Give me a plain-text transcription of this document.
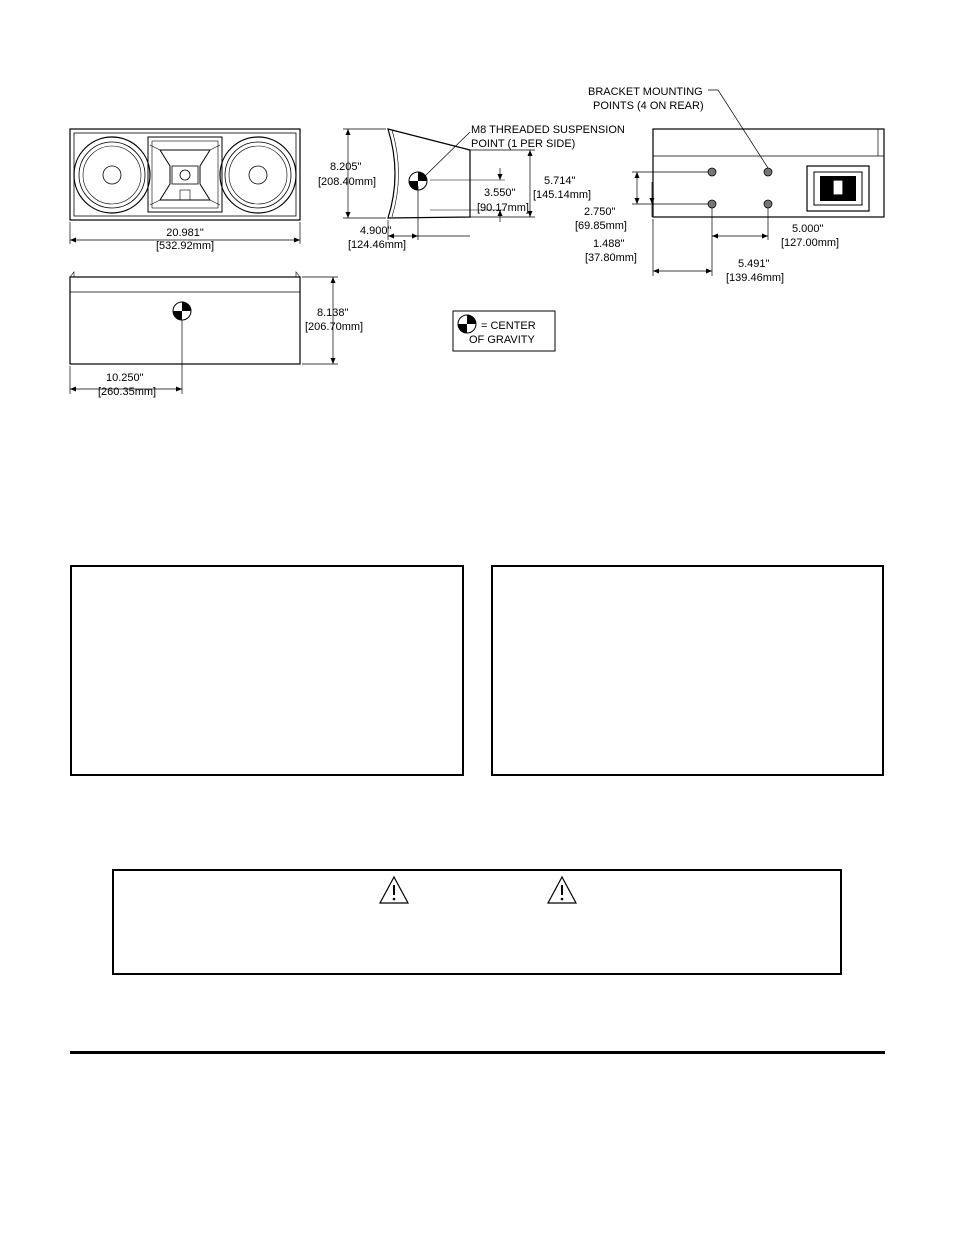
20.981"
[532.92mm]
M8 THREADED SUSPENSION
POINT (1 PER SIDE)
8.205"
[208.40mm]
3.550"
[90.17mm]
5.714"
[145.14mm]
4.900"
[124.46mm]
BRACKET MOUNTING
POINTS (4 ON REAR)
2.750"
[69.85mm]
1.488"
[37.80mm]
5.000"
[127.00mm]
5.491"
[139.46mm]
8.138"
[206.70mm]
10.250"
[260.35mm]
= CENTER
OF GRAVITY
